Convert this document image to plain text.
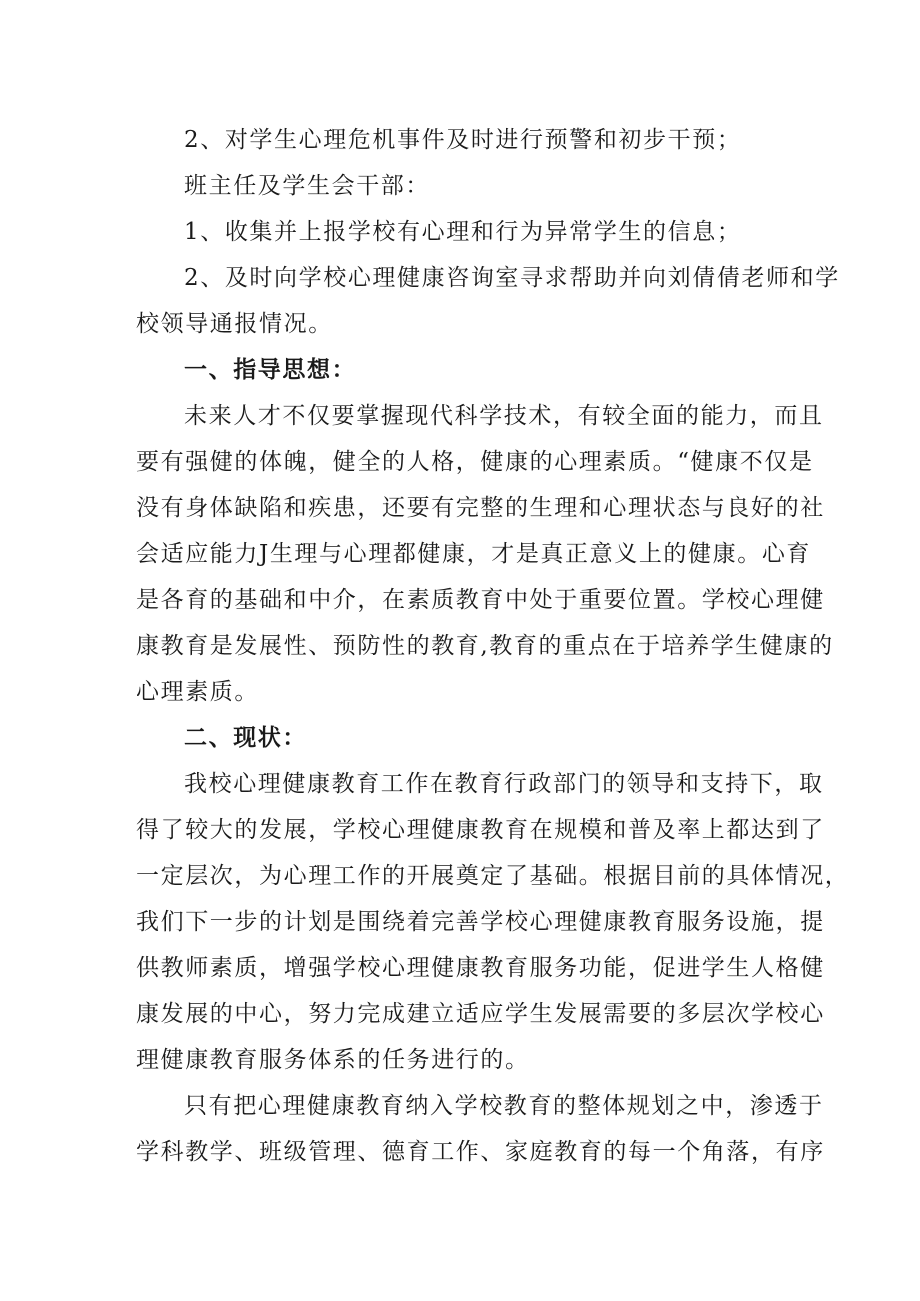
2、对学生心理危机事件及时进行预警和初步干预；
班主任及学生会干部：
1、收集并上报学校有心理和行为异常学生的信息；
2、及时向学校心理健康咨询室寻求帮助并向刘倩倩老师和学
校领导通报情况。
一、指导思想：
未来人才不仅要掌握现代科学技术，有较全面的能力，而且
要有强健的体魄，健全的人格，健康的心理素质。“健康不仅是
没有身体缺陷和疾患，还要有完整的生理和心理状态与良好的社
会适应能力J生理与心理都健康，才是真正意义上的健康。心育
是各育的基础和中介，在素质教育中处于重要位置。学校心理健
康教育是发展性、预防性的教育,教育的重点在于培养学生健康的
心理素质。
二、现状：
我校心理健康教育工作在教育行政部门的领导和支持下，取
得了较大的发展，学校心理健康教育在规模和普及率上都达到了
一定层次，为心理工作的开展奠定了基础。根据目前的具体情况，
我们下一步的计划是围绕着完善学校心理健康教育服务设施，提
供教师素质，增强学校心理健康教育服务功能，促进学生人格健
康发展的中心，努力完成建立适应学生发展需要的多层次学校心
理健康教育服务体系的任务进行的。
只有把心理健康教育纳入学校教育的整体规划之中，渗透于
学科教学、班级管理、德育工作、家庭教育的每一个角落，有序
